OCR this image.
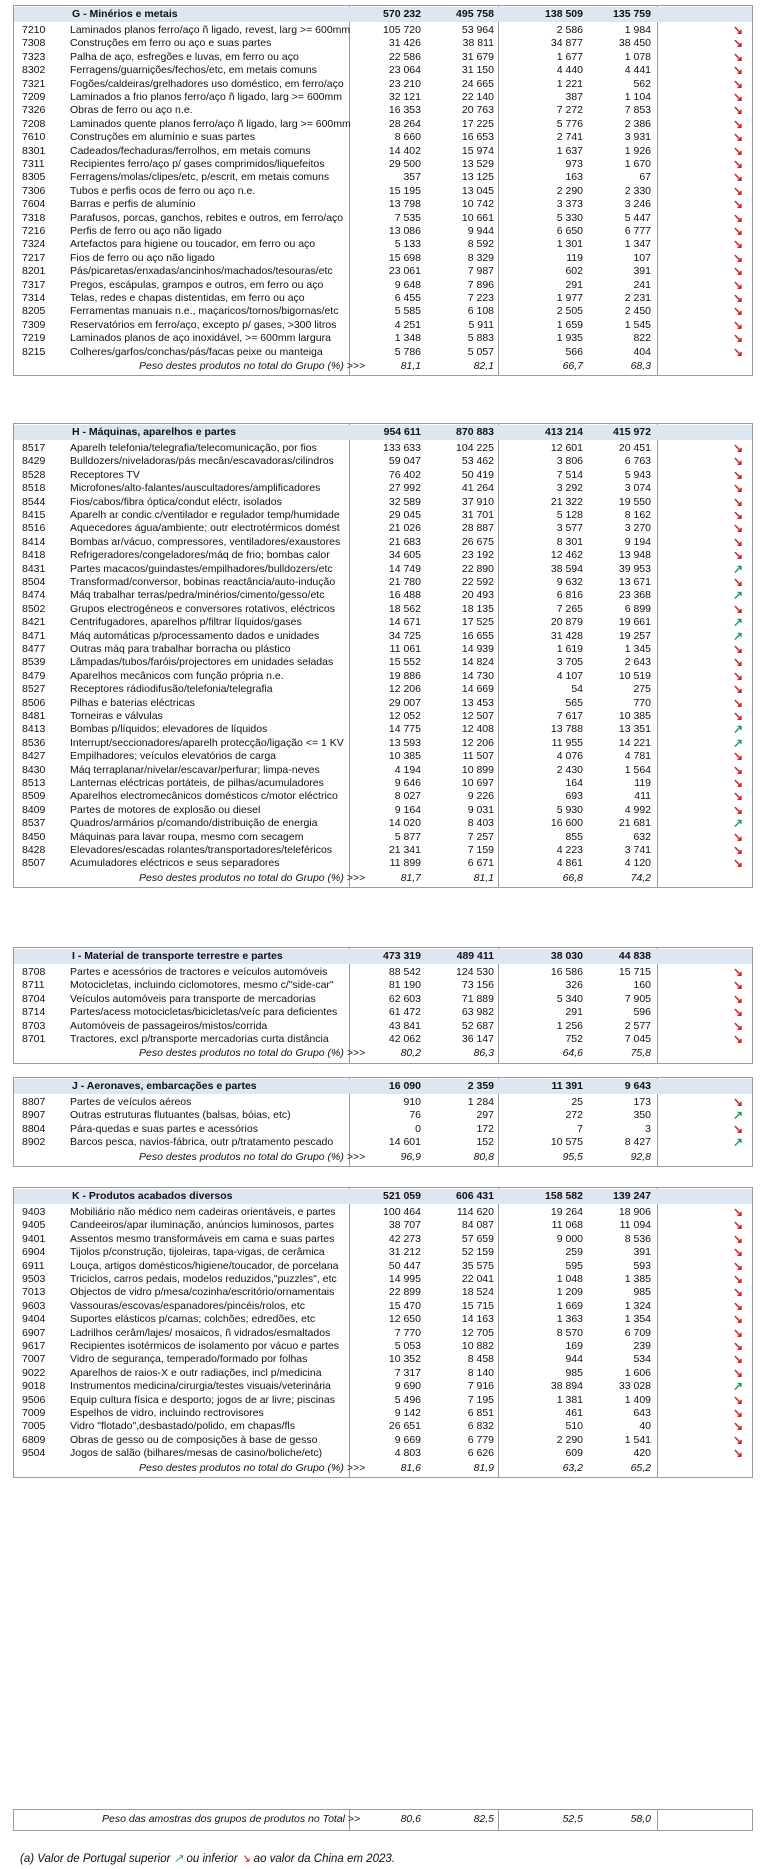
G - Minérios e metais	570 232	495 758	138 509	135 759
7210 Laminados planos ferro/aço ñ ligado, revest, larg >= 600mm	105 720	53 964	2 586	1 984	↘
7308 Construções em ferro ou aço e suas partes	31 426	38 811	34 877	38 450	↘
7323 Palha de aço, esfregões e luvas, em ferro ou aço	22 586	31 679	1 677	1 078	↘
8302 Ferragens/guarnições/fechos/etc, em metais comuns	23 064	31 150	4 440	4 441	↘
7321 Fogões/caldeiras/grelhadores uso doméstico, em ferro/aço	23 210	24 665	1 221	562	↘
7209 Laminados a frio planos ferro/aço ñ ligado, larg >= 600mm	32 121	22 140	387	1 104	↘
7326 Obras de ferro ou aço n.e.	16 353	20 763	7 272	7 853	↘
7208 Laminados quente planos ferro/aço ñ ligado, larg >= 600mm	28 264	17 225	5 776	2 386	↘
7610 Construções em alumínio e suas partes	8 660	16 653	2 741	3 931	↘
8301 Cadeados/fechaduras/ferrolhos, em metais comuns	14 402	15 974	1 637	1 926	↘
7311 Recipientes ferro/aço p/ gases comprimidos/liquefeitos	29 500	13 529	973	1 670	↘
8305 Ferragens/molas/clipes/etc, p/escrit, em metais comuns	357	13 125	163	67	↘
7306 Tubos e perfis ocos de ferro ou aço n.e.	15 195	13 045	2 290	2 330	↘
7604 Barras e perfis de alumínio	13 798	10 742	3 373	3 246	↘
7318 Parafusos, porcas, ganchos, rebites e outros, em ferro/aço	7 535	10 661	5 330	5 447	↘
7216 Perfis de ferro ou aço não ligado	13 086	9 944	6 650	6 777	↘
7324 Artefactos para higiene ou toucador, em ferro ou aço	5 133	8 592	1 301	1 347	↘
7217 Fios de ferro ou aço não ligado	15 698	8 329	119	107	↘
8201 Pás/picaretas/enxadas/ancinhos/machados/tesouras/etc	23 061	7 987	602	391	↘
7317 Pregos, escápulas, grampos e outros, em ferro ou aço	9 648	7 896	291	241	↘
7314 Telas, redes e chapas distentidas, em ferro ou aço	6 455	7 223	1 977	2 231	↘
8205 Ferramentas manuais n.e., maçaricos/tornos/bigornas/etc	5 585	6 108	2 505	2 450	↘
7309 Reservatórios em ferro/aço, excepto p/ gases, >300 litros	4 251	5 911	1 659	1 545	↘
7219 Laminados planos de aço inoxidável, >= 600mm largura	1 348	5 883	1 935	822	↘
8215 Colheres/garfos/conchas/pás/facas peixe ou manteiga	5 786	5 057	566	404	↘
Peso destes produtos no total do Grupo (%) >>>	81,1	82,1	66,7	68,3
H - Máquinas, aparelhos e partes	954 611	870 883	413 214	415 972
8517 Aparelh telefonia/telegrafia/telecomunicação, por fios	133 633	104 225	12 601	20 451	↘
8429 Bulldozers/niveladoras/pás mecân/escavadoras/cilindros	59 047	53 462	3 806	6 763	↘
8528 Receptores TV	76 402	50 419	7 514	5 943	↘
8518 Microfones/alto-falantes/auscultadores/amplificadores	27 992	41 264	3 292	3 074	↘
8544 Fios/cabos/fibra óptica/condut eléctr, isolados	32 589	37 910	21 322	19 550	↘
8415 Aparelh ar condic c/ventilador e regulador temp/humidade	29 045	31 701	5 128	8 162	↘
8516 Aquecedores água/ambiente; outr electrotérmicos domést	21 026	28 887	3 577	3 270	↘
8414 Bombas ar/vácuo, compressores, ventiladores/exaustores	21 683	26 675	8 301	9 194	↘
8418 Refrigeradores/congeladores/máq de frio; bombas calor	34 605	23 192	12 462	13 948	↘
8431 Partes macacos/guindastes/empilhadores/bulldozers/etc	14 749	22 890	38 594	39 953	↗
8504 Transformad/conversor, bobinas reactância/auto-indução	21 780	22 592	9 632	13 671	↘
8474 Máq trabalhar terras/pedra/minérios/cimento/gesso/etc	16 488	20 493	6 816	23 368	↗
8502 Grupos electrogéneos e conversores rotativos, eléctricos	18 562	18 135	7 265	6 899	↘
8421 Centrifugadores, aparelhos p/filtrar líquidos/gases	14 671	17 525	20 879	19 661	↗
8471 Máq automáticas p/processamento dados e unidades	34 725	16 655	31 428	19 257	↗
8477 Outras máq para trabalhar borracha ou plástico	11 061	14 939	1 619	1 345	↘
8539 Lâmpadas/tubos/faróis/projectores em unidades seladas	15 552	14 824	3 705	2 643	↘
8479 Aparelhos mecânicos com função própria n.e.	19 886	14 730	4 107	10 519	↘
8527 Receptores rádiodifusão/telefonia/telegrafia	12 206	14 669	54	275	↘
8506 Pilhas e baterias eléctricas	29 007	13 453	565	770	↘
8481 Torneiras e válvulas	12 052	12 507	7 617	10 385	↘
8413 Bombas p/líquidos; elevadores de líquidos	14 775	12 408	13 788	13 351	↗
8536 Interrupt/seccionadores/aparelh protecção/ligação <= 1 KV	13 593	12 206	11 955	14 221	↗
8427 Empilhadores; veículos elevatórios de carga	10 385	11 507	4 076	4 781	↘
8430 Máq terraplanar/nivelar/escavar/perfurar; limpa-neves	4 194	10 899	2 430	1 564	↘
8513 Lanternas eléctricas portáteis, de pilhas/acumuladores	9 646	10 697	164	119	↘
8509 Aparelhos electromecânicos domésticos c/motor eléctrico	8 027	9 226	693	411	↘
8409 Partes de motores de explosão ou diesel	9 164	9 031	5 930	4 992	↘
8537 Quadros/armários p/comando/distribuição de energia	14 020	8 403	16 600	21 681	↗
8450 Máquinas para lavar roupa, mesmo com secagem	5 877	7 257	855	632	↘
8428 Elevadores/escadas rolantes/transportadores/teleféricos	21 341	7 159	4 223	3 741	↘
8507 Acumuladores eléctricos e seus separadores	11 899	6 671	4 861	4 120	↘
Peso destes produtos no total do Grupo (%) >>>	81,7	81,1	66,8	74,2
I - Material de transporte terrestre e partes	473 319	489 411	38 030	44 838
8708 Partes e acessórios de tractores e veículos automóveis	88 542	124 530	16 586	15 715	↘
8711 Motocicletas, incluindo ciclomotores, mesmo c/"side-car"	81 190	73 156	326	160	↘
8704 Veículos automóveis para transporte de mercadorias	62 603	71 889	5 340	7 905	↘
8714 Partes/acess motocicletas/bicicletas/veíc para deficientes	61 472	63 982	291	596	↘
8703 Automóveis de passageiros/mistos/corrida	43 841	52 687	1 256	2 577	↘
8701 Tractores, excl p/transporte mercadorias curta distância	42 062	36 147	752	7 045	↘
Peso destes produtos no total do Grupo (%) >>>	80,2	86,3	64,6	75,8
J - Aeronaves, embarcações e partes	16 090	2 359	11 391	9 643
8807 Partes de veículos aéreos	910	1 284	25	173	↘
8907 Outras estruturas flutuantes (balsas, bóias, etc)	76	297	272	350	↗
8804 Pára-quedas e suas partes e acessórios	0	172	7	3	↘
8902 Barcos pesca, navios-fábrica, outr p/tratamento pescado	14 601	152	10 575	8 427	↗
Peso destes produtos no total do Grupo (%) >>>	96,9	80,8	95,5	92,8
K - Produtos acabados diversos	521 059	606 431	158 582	139 247
9403 Mobiliário não médico nem cadeiras orientáveis, e partes	100 464	114 620	19 264	18 906	↘
9405 Candeeiros/apar iluminação, anúncios luminosos, partes	38 707	84 087	11 068	11 094	↘
9401 Assentos mesmo transformáveis em cama e suas partes	42 273	57 659	9 000	8 536	↘
6904 Tijolos p/construção, tijoleiras, tapa-vigas, de cerâmica	31 212	52 159	259	391	↘
6911 Louça, artigos domésticos/higiene/toucador, de porcelana	50 447	35 575	595	593	↘
9503 Triciclos, carros pedais, modelos reduzidos,"puzzles", etc	14 995	22 041	1 048	1 385	↘
7013 Objectos de vidro p/mesa/cozinha/escritório/ornamentais	22 899	18 524	1 209	985	↘
9603 Vassouras/escovas/espanadores/pincéis/rolos, etc	15 470	15 715	1 669	1 324	↘
9404 Suportes elásticos p/camas; colchões; edredões, etc	12 650	14 163	1 363	1 354	↘
6907 Ladrilhos cerâm/lajes/ mosaicos, ñ vidrados/esmaltados	7 770	12 705	8 570	6 709	↘
9617 Recipientes isotérmicos de isolamento por vácuo e partes	5 053	10 882	169	239	↘
7007 Vidro de segurança, temperado/formado por folhas	10 352	8 458	944	534	↘
9022 Aparelhos de raios-X e outr radiações, incl p/medicina	7 317	8 140	985	1 606	↘
9018 Instrumentos medicina/cirurgia/testes visuais/veterinária	9 690	7 916	38 894	33 028	↗
9506 Equip cultura física e desporto; jogos de ar livre; piscinas	5 496	7 195	1 381	1 409	↘
7009 Espelhos de vidro, incluindo rectrovisores	9 142	6 851	461	643	↘
7005 Vidro "flotado",desbastado/polido, em chapas/fls	26 651	6 832	510	40	↘
6809 Obras de gesso ou de composições à base de gesso	9 669	6 779	2 290	1 541	↘
9504 Jogos de salão (bilhares/mesas de casino/boliche/etc)	4 803	6 626	609	420	↘
Peso destes produtos no total do Grupo (%) >>>	81,6	81,9	63,2	65,2
Peso das amostras dos grupos de produtos no Total >>	80,6	82,5	52,5	58,0
(a) Valor de Portugal superior ↗ ou inferior ↘ ao valor da China em 2023.
